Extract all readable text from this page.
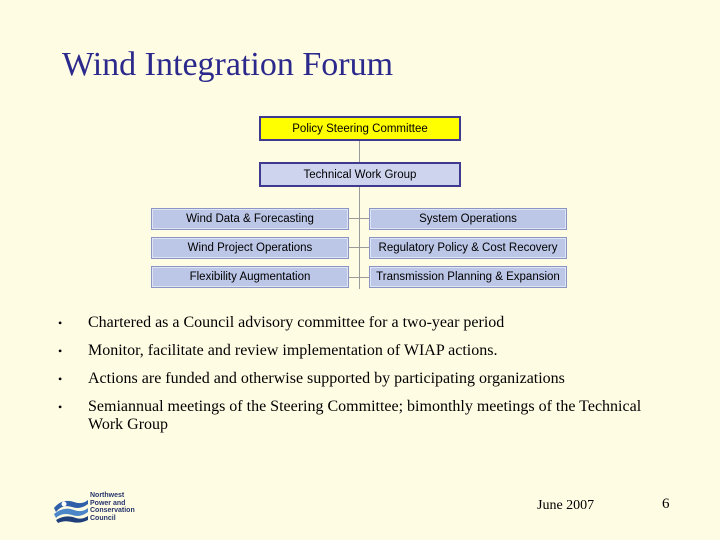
Wind Integration Forum
Policy Steering Committee
Technical Work Group
Wind Data & Forecasting
Wind Project Operations
Flexibility Augmentation
System Operations
Regulatory Policy & Cost Recovery
Transmission Planning & Expansion
• Chartered as a Council advisory committee for a two-year period
• Monitor, facilitate and review implementation of WIAP actions.
• Actions are funded and otherwise supported by participating organizations
• Semiannual meetings of the Steering Committee; bimonthly meetings of the Technical Work Group
Northwest
Power and
Conservation
Council
June 2007	6
